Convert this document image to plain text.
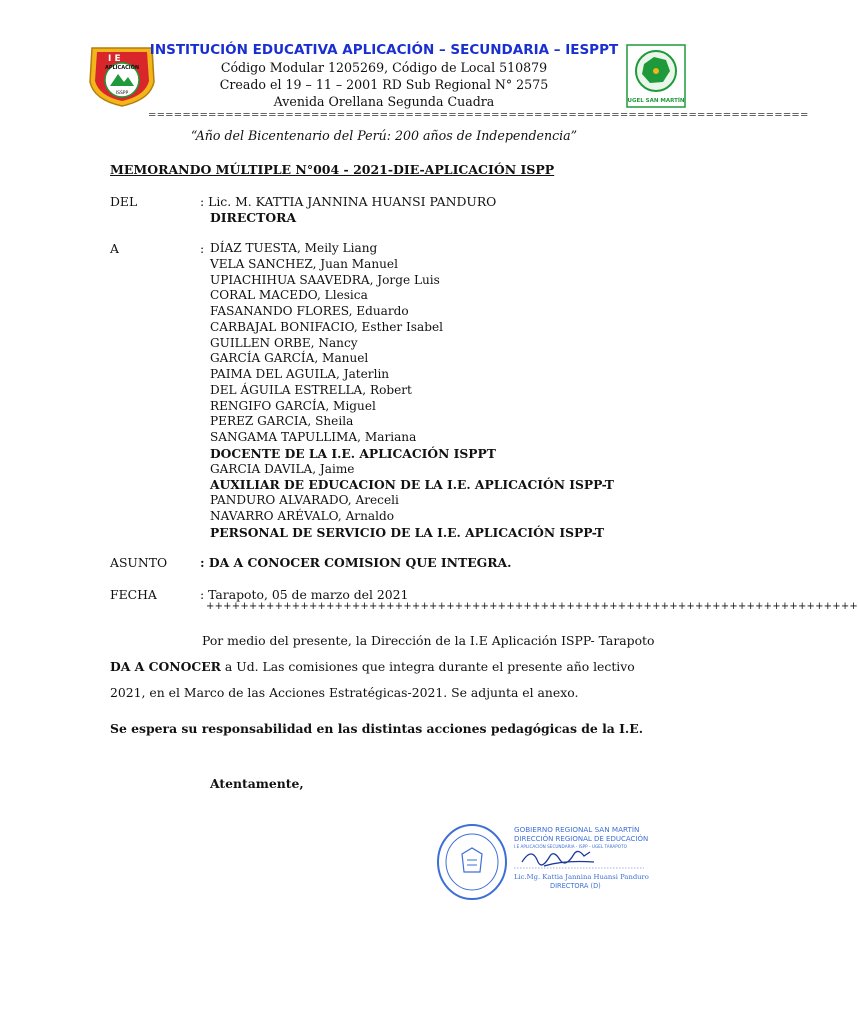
I E
APLICACIÓN
ISSPP
INSTITUCIÓN EDUCATIVA APLICACIÓN – SECUNDARIA – IESPPT
Código Modular 1205269, Código de Local 510879
Creado el 19 – 11 – 2001 RD Sub Regional N° 2575
Avenida Orellana Segunda Cuadra
=============================================================================
“Año del Bicentenario del Perú: 200 años de Independencia”
UGEL SAN MARTÍN
MEMORANDO MÚLTIPLE N°004 - 2021-DIE-APLICACIÓN ISPP
DEL	: Lic. M. KATTIA JANNINA HUANSI PANDURO
DIRECTORA
A	: DÍAZ TUESTA, Meily Liang
VELA SANCHEZ, Juan Manuel
UPIACHIHUA SAAVEDRA, Jorge Luis
CORAL MACEDO, Llesica
FASANANDO FLORES, Eduardo
CARBAJAL BONIFACIO, Esther Isabel
GUILLEN ORBE, Nancy
GARCÍA GARCÍA, Manuel
PAIMA DEL AGUILA, Jaterlin
DEL ÁGUILA ESTRELLA, Robert
RENGIFO GARCÍA, Miguel
PEREZ GARCIA, Sheila
SANGAMA TAPULLIMA, Mariana
DOCENTE DE LA I.E. APLICACIÓN ISPPT
GARCIA DAVILA, Jaime
AUXILIAR DE EDUCACION DE LA I.E. APLICACIÓN ISPP-T
PANDURO ALVARADO, Areceli
NAVARRO ARÉVALO, Arnaldo
PERSONAL DE SERVICIO DE LA I.E. APLICACIÓN ISPP-T
ASUNTO	: DA A CONOCER COMISION QUE INTEGRA.
FECHA	: Tarapoto, 05 de marzo del 2021
++++++++++++++++++++++++++++++++++++++++++++++++++++++++++++++++++++++++++++
Por medio del presente, la Dirección de la I.E Aplicación ISPP- Tarapoto DA A CONOCER a Ud. Las comisiones que integra durante el presente año lectivo 2021, en el Marco de las Acciones Estratégicas-2021. Se adjunta el anexo.
Se espera su responsabilidad en las distintas acciones pedagógicas de la I.E.
Atentamente,
GOBIERNO REGIONAL SAN MARTÍN
DIRECCIÓN REGIONAL DE EDUCACIÓN
I.E APLICACIÓN SECUNDARIA - ISPP - UGEL TARAPOTO
Lic.Mg. Kattia Jannina Huansi Panduro
DIRECTORA (D)
